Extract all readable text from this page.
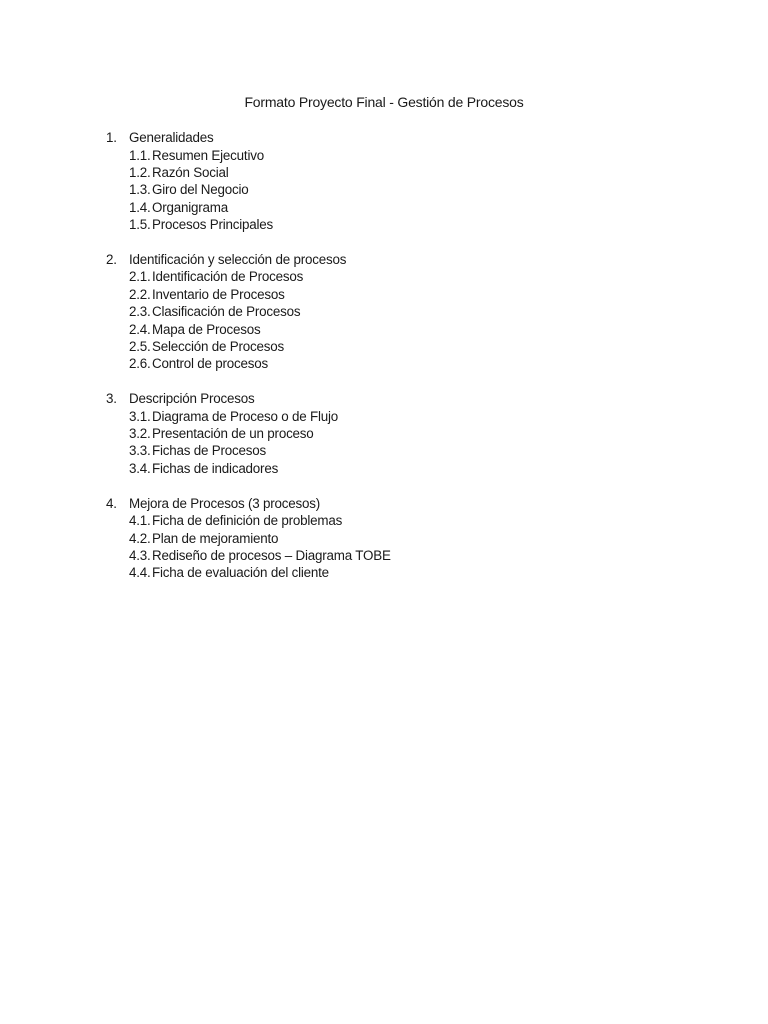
Formato Proyecto Final - Gestión de Procesos
1. Generalidades
1.1. Resumen Ejecutivo
1.2. Razón Social
1.3. Giro del Negocio
1.4. Organigrama
1.5. Procesos Principales
2. Identificación y selección de procesos
2.1. Identificación de Procesos
2.2. Inventario de Procesos
2.3. Clasificación de Procesos
2.4. Mapa de Procesos
2.5. Selección de Procesos
2.6. Control de procesos
3. Descripción Procesos
3.1. Diagrama de Proceso o de Flujo
3.2. Presentación de un proceso
3.3. Fichas de Procesos
3.4. Fichas de indicadores
4. Mejora de Procesos (3 procesos)
4.1. Ficha de definición de problemas
4.2. Plan de mejoramiento
4.3. Rediseño de procesos – Diagrama TOBE
4.4. Ficha de evaluación del cliente
